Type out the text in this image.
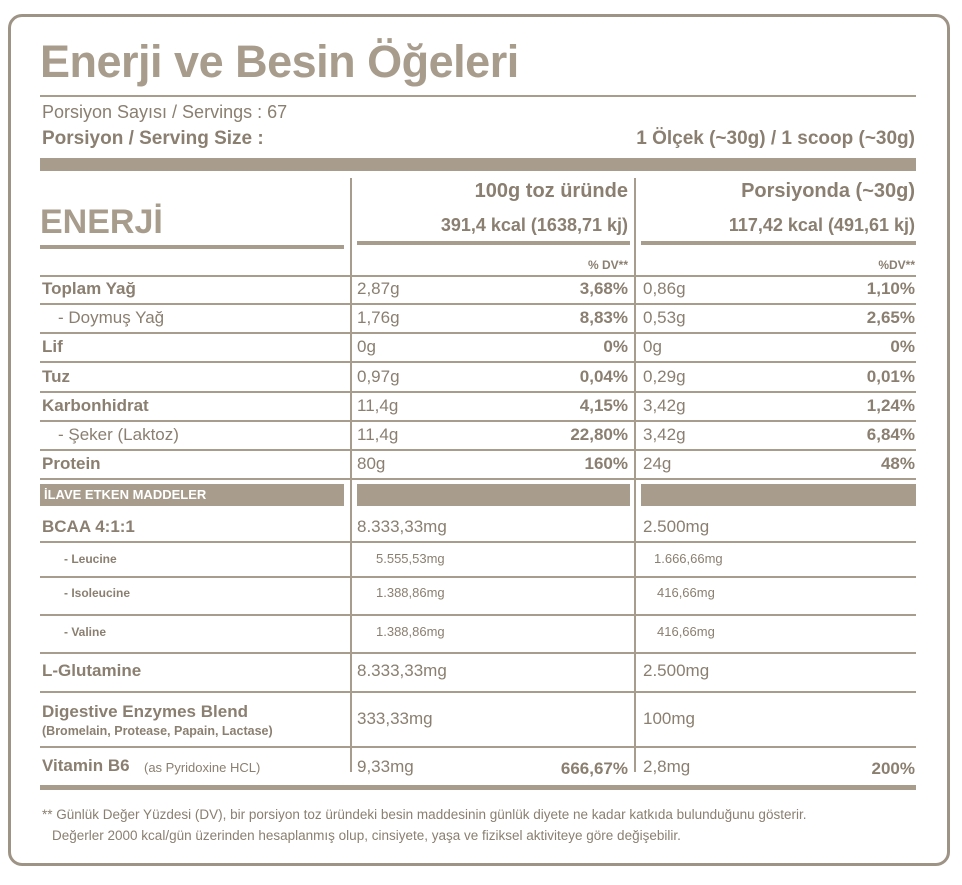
Enerji ve Besin Öğeleri
Porsiyon Sayısı / Servings : 67
Porsiyon / Serving Size :	1 Ölçek (~30g) / 1 scoop (~30g)
100g toz üründe	Porsiyonda (~30g)
391,4 kcal (1638,71 kj)	117,42 kcal (491,61 kj)
ENERJİ
% DV**	%DV**
Toplam Yağ	2,87g	3,68% 0,86g	1,10%
- Doymuş Yağ	1,76g	8,83% 0,53g	2,65%
Lif	0g	0% 0g	0%
Tuz	0,97g	0,04% 0,29g	0,01%
Karbonhidrat	11,4g	4,15% 3,42g	1,24%
- Şeker (Laktoz)	11,4g	22,80% 3,42g	6,84%
Protein	80g	160% 24g	48%
İLAVE ETKEN MADDELER
BCAA 4:1:1	8.333,33mg	2.500mg
- Leucine	5.555,53mg	1.666,66mg
- Isoleucine	1.388,86mg	416,66mg
- Valine	1.388,86mg	416,66mg
L-Glutamine	8.333,33mg	2.500mg
Digestive Enzymes Blend
(Bromelain, Protease, Papain, Lactase)
333,33mg	100mg
Vitamin B6 (as Pyridoxine HCL)	9,33mg	666,67% 2,8mg	200%
** Günlük Değer Yüzdesi (DV), bir porsiyon toz üründeki besin maddesinin günlük diyete ne kadar katkıda bulunduğunu gösterir.
Değerler 2000 kcal/gün üzerinden hesaplanmış olup, cinsiyete, yaşa ve fiziksel aktiviteye göre değişebilir.
